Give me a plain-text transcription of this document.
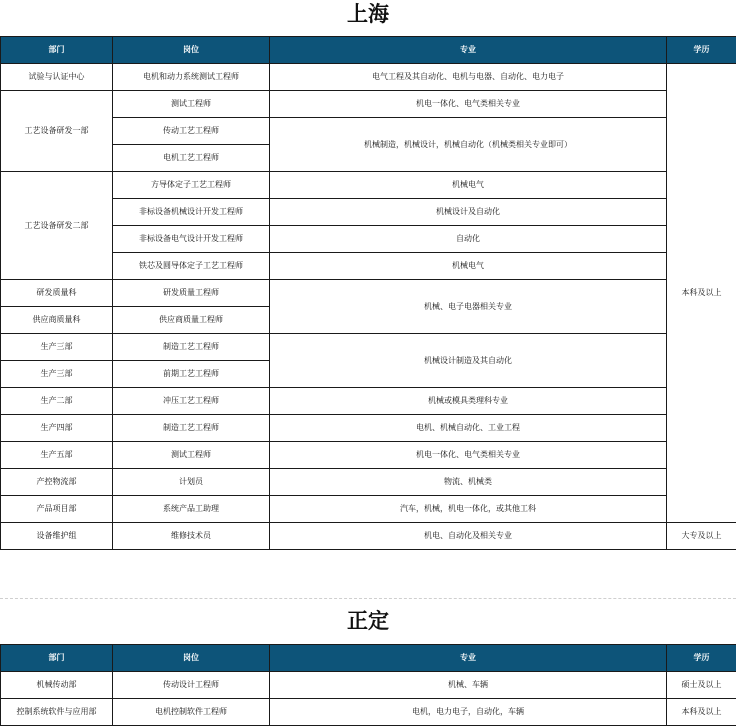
上海
部门	岗位	专业	学历
试验与认证中心	电机和动力系统测试工程师	电气工程及其自动化、电机与电器、自动化、电力电子	本科及以上
工艺设备研发一部	测试工程师	机电一体化、电气类相关专业	
	传动工艺工程师	机械制造，机械设计，机械自动化（机械类相关专业即可）	
	电机工艺工程师		
工艺设备研发二部	方导体定子工艺工程师	机械电气	
	非标设备机械设计开发工程师	机械设计及自动化	
	非标设备电气设计开发工程师	自动化	
	铁芯及圆导体定子工艺工程师	机械电气	
研发质量科	研发质量工程师	机械、电子电器相关专业	
供应商质量科	供应商质量工程师		
生产三部	制造工艺工程师	机械设计制造及其自动化	
生产三部	前期工艺工程师		
生产二部	冲压工艺工程师	机械或模具类理科专业	
生产四部	制造工艺工程师	电机、机械自动化、工业工程	
生产五部	测试工程师	机电一体化、电气类相关专业	
产控物流部	计划员	物流、机械类	
产品项目部	系统产品工助理	汽车，机械，机电一体化，或其他工科	
设备维护组	维修技术员	机电、自动化及相关专业	大专及以上
正定
部门	岗位	专业	学历
机械传动部	传动设计工程师	机械、车辆	硕士及以上
控制系统软件与应用部	电机控制软件工程师	电机，电力电子，自动化，车辆	本科及以上
